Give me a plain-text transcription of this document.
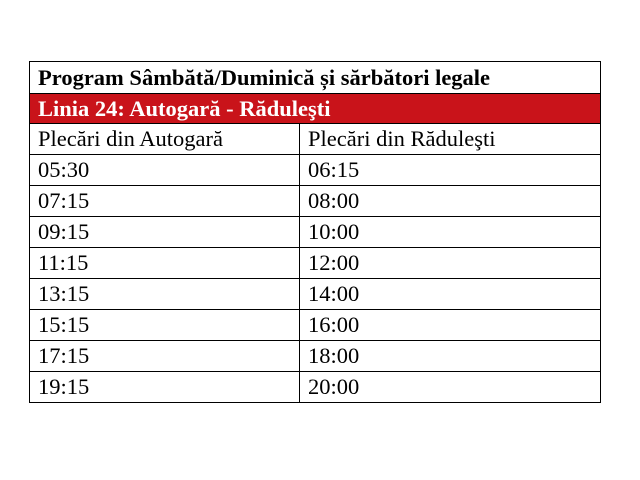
Program Sâmbătă/Duminică și sărbători legale	
Linia 24: Autogară - Răduleşti	
Plecări din Autogară	Plecări din Răduleşti
05:30	06:15
07:15	08:00
09:15	10:00
11:15	12:00
13:15	14:00
15:15	16:00
17:15	18:00
19:15	20:00
